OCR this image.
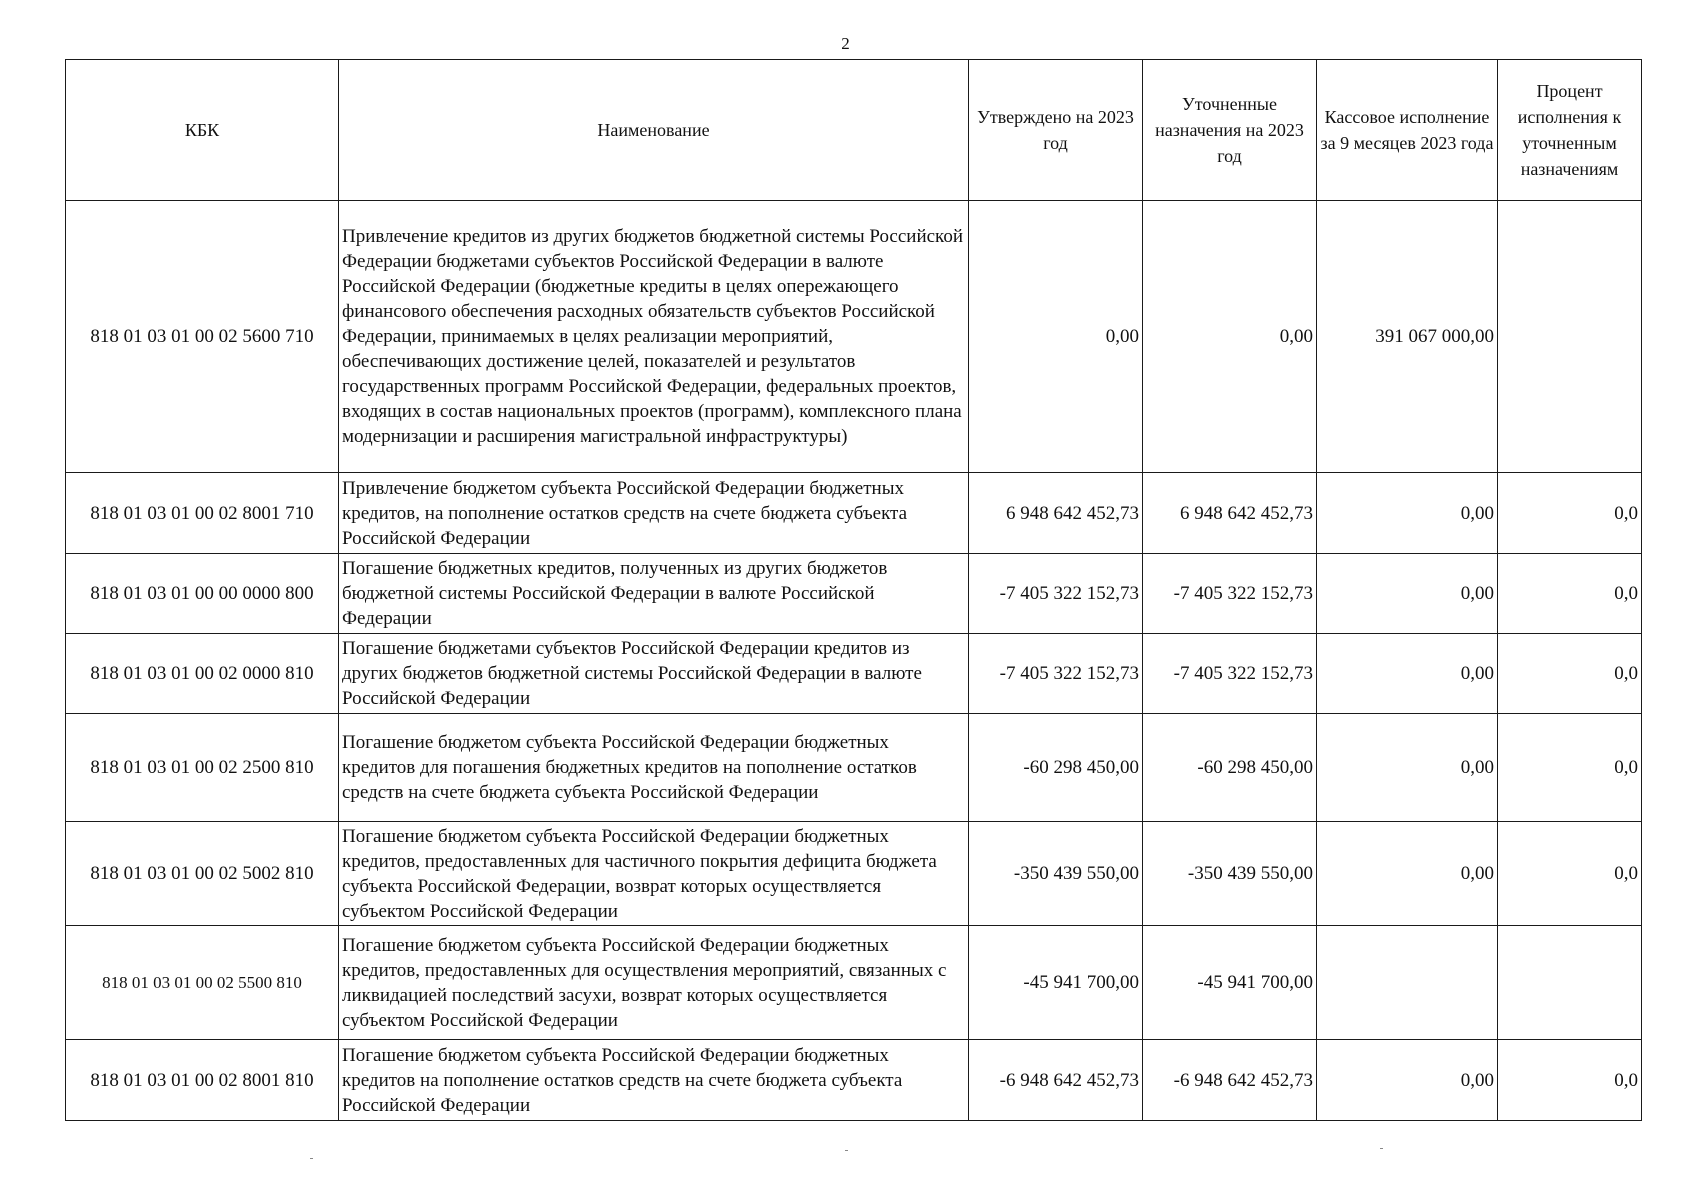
2
КБК	Наименование	Утверждено на 2023 год	Уточненные назначения на 2023 год	Кассовое исполнение за 9 месяцев 2023 года	Процент исполнения к уточненным назначениям
818 01 03 01 00 02 5600 710	Привлечение кредитов из других бюджетов бюджетной системы Российской Федерации бюджетами субъектов Российской Федерации в валюте Российской Федерации (бюджетные кредиты в целях опережающего финансового обеспечения расходных обязательств субъектов Российской Федерации, принимаемых в целях реализации мероприятий, обеспечивающих достижение целей, показателей и результатов государственных программ Российской Федерации, федеральных проектов, входящих в состав национальных проектов (программ), комплексного плана модернизации и расширения магистральной инфраструктуры)	0,00	0,00	391 067 000,00	
818 01 03 01 00 02 8001 710	Привлечение бюджетом субъекта Российской Федерации бюджетных кредитов, на пополнение остатков средств на счете бюджета субъекта Российской Федерации	6 948 642 452,73	6 948 642 452,73	0,00	0,0
818 01 03 01 00 00 0000 800	Погашение бюджетных кредитов, полученных из других бюджетов бюджетной системы Российской Федерации в валюте Российской Федерации	-7 405 322 152,73	-7 405 322 152,73	0,00	0,0
818 01 03 01 00 02 0000 810	Погашение бюджетами субъектов Российской Федерации кредитов из других бюджетов бюджетной системы Российской Федерации в валюте Российской Федерации	-7 405 322 152,73	-7 405 322 152,73	0,00	0,0
818 01 03 01 00 02 2500 810	Погашение бюджетом субъекта Российской Федерации бюджетных кредитов для погашения бюджетных кредитов на пополнение остатков средств на счете бюджета субъекта Российской Федерации	-60 298 450,00	-60 298 450,00	0,00	0,0
818 01 03 01 00 02 5002 810	Погашение бюджетом субъекта Российской Федерации бюджетных кредитов, предоставленных для частичного покрытия дефицита бюджета субъекта Российской Федерации, возврат которых осуществляется субъектом Российской Федерации	-350 439 550,00	-350 439 550,00	0,00	0,0
818 01 03 01 00 02 5500 810	Погашение бюджетом субъекта Российской Федерации бюджетных кредитов, предоставленных для осуществления мероприятий, связанных с ликвидацией последствий засухи, возврат которых осуществляется субъектом Российской Федерации	-45 941 700,00	-45 941 700,00		
818 01 03 01 00 02 8001 810	Погашение бюджетом субъекта Российской Федерации бюджетных кредитов на пополнение остатков средств на счете бюджета субъекта Российской Федерации	-6 948 642 452,73	-6 948 642 452,73	0,00	0,0
